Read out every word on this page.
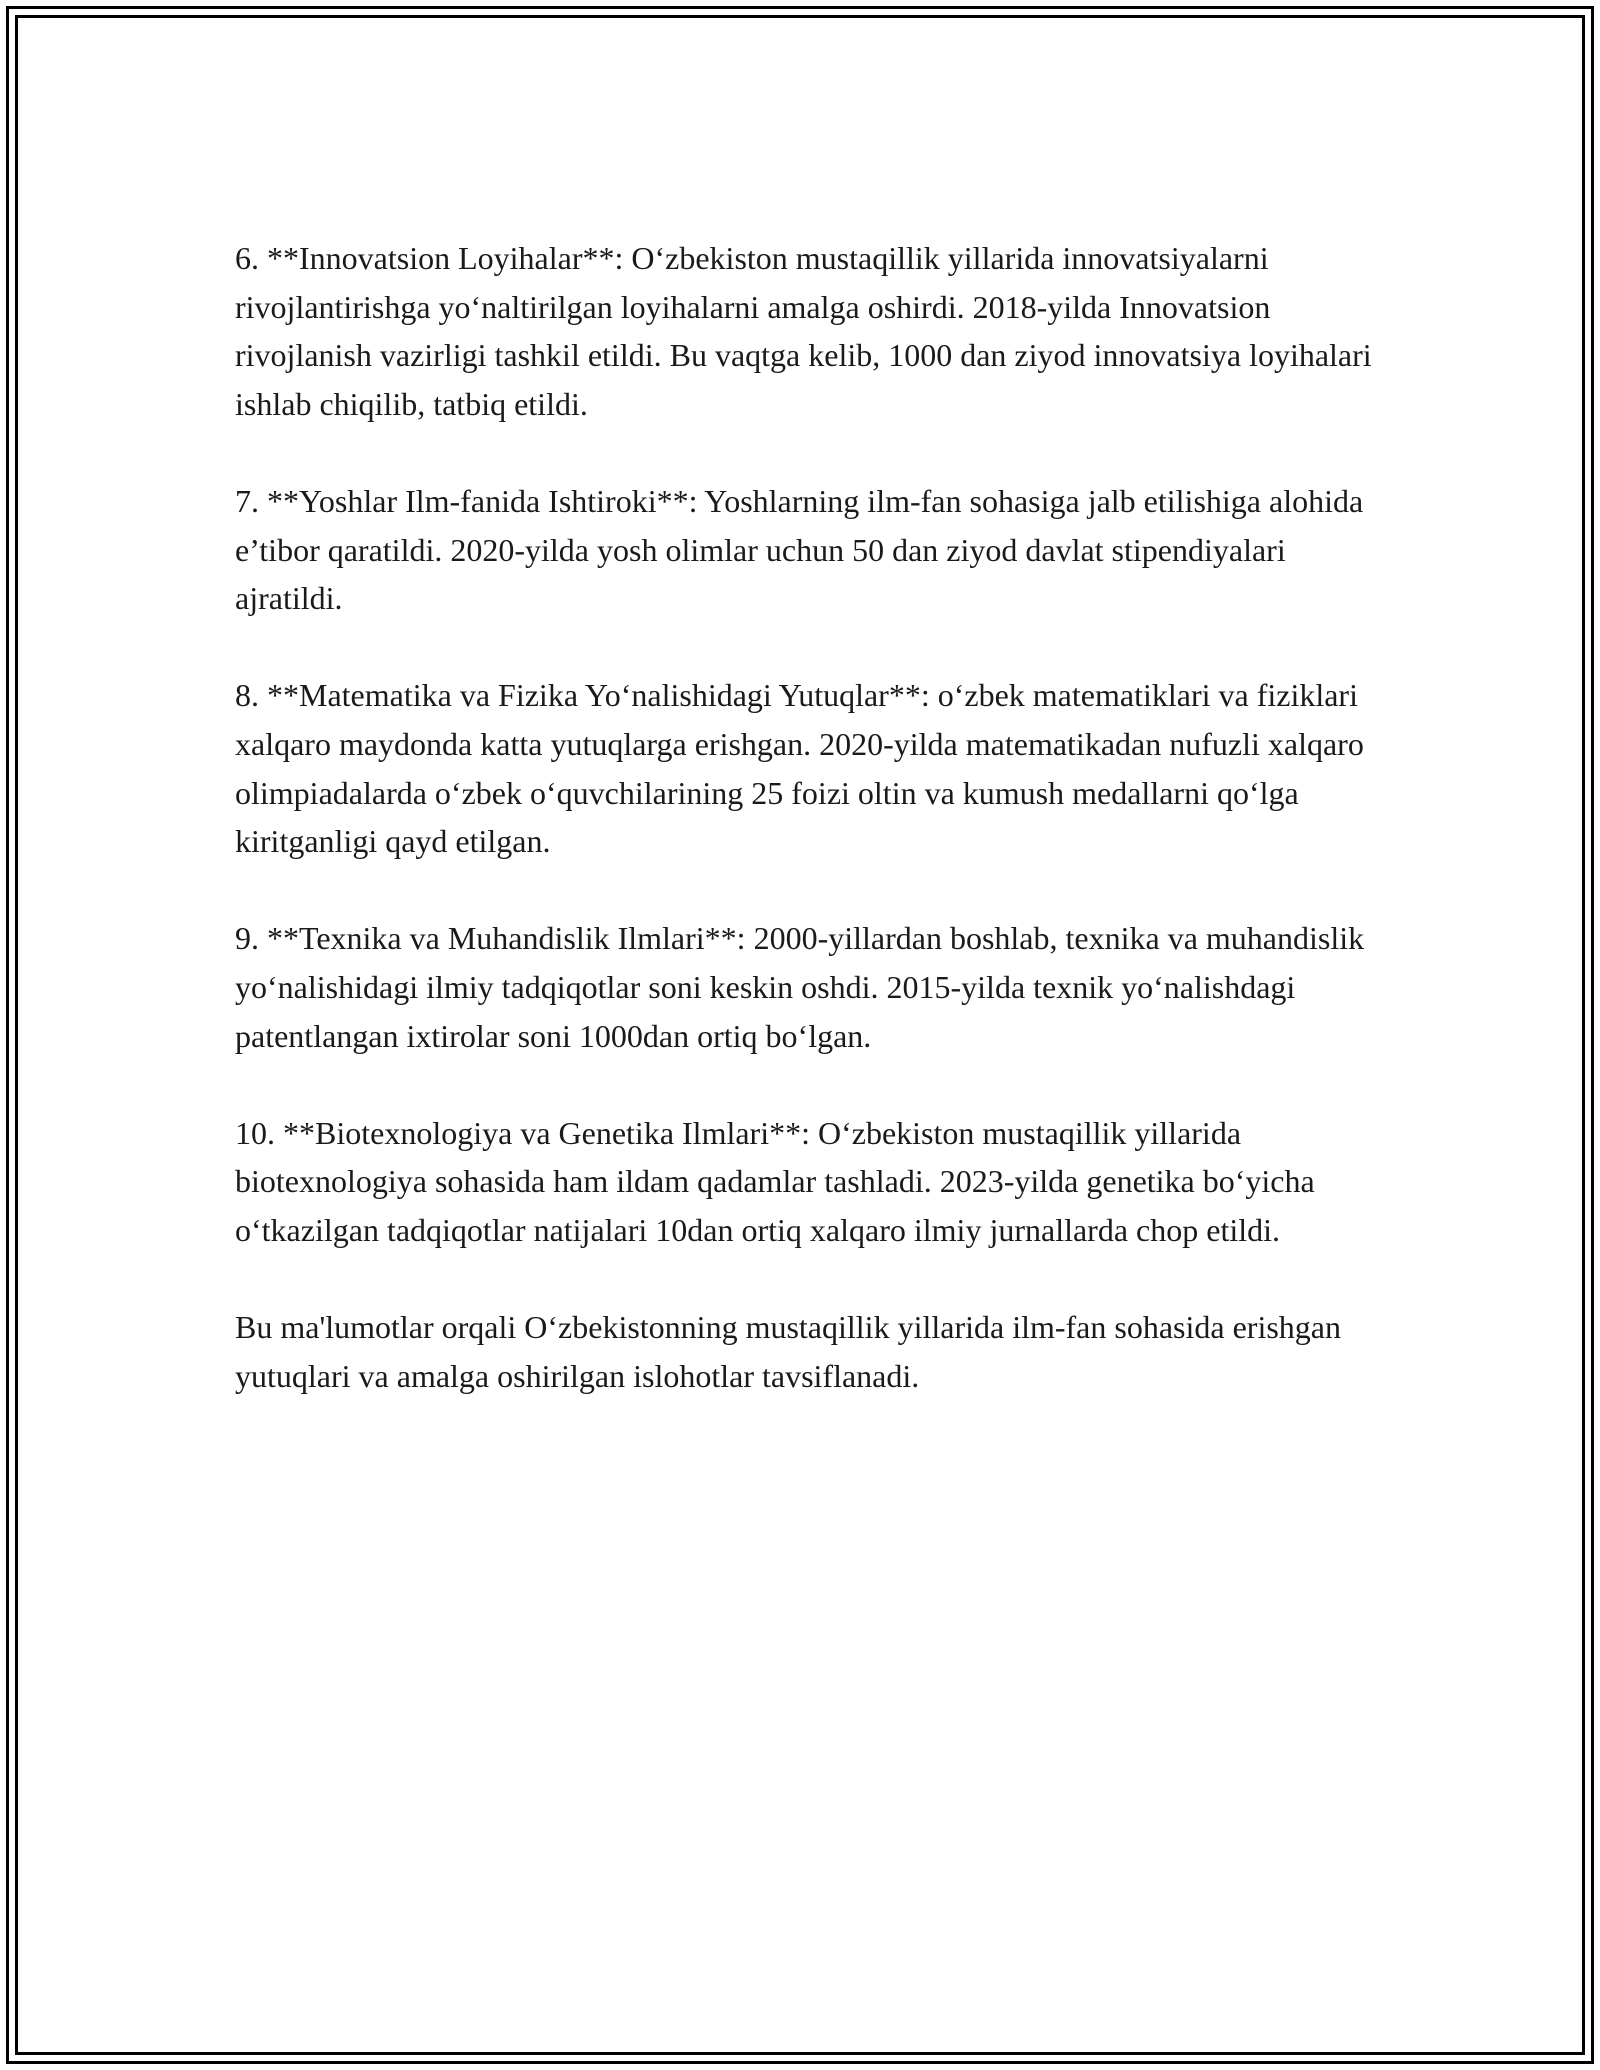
6. **Innovatsion Loyihalar**: O‘zbekiston mustaqillik yillarida innovatsiyalarni rivojlantirishga yo‘naltirilgan loyihalarni amalga oshirdi. 2018-yilda Innovatsion rivojlanish vazirligi tashkil etildi. Bu vaqtga kelib, 1000 dan ziyod innovatsiya loyihalari ishlab chiqilib, tatbiq etildi.

7. **Yoshlar Ilm-fanida Ishtiroki**: Yoshlarning ilm-fan sohasiga jalb etilishiga alohida e’tibor qaratildi. 2020-yilda yosh olimlar uchun 50 dan ziyod davlat stipendiyalari ajratildi.

8. **Matematika va Fizika Yo‘nalishidagi Yutuqlar**: o‘zbek matematiklari va fiziklari xalqaro maydonda katta yutuqlarga erishgan. 2020-yilda matematikadan nufuzli xalqaro olimpiadalarda o‘zbek o‘quvchilarining 25 foizi oltin va kumush medallarni qo‘lga kiritganligi qayd etilgan.

9. **Texnika va Muhandislik Ilmlari**: 2000-yillardan boshlab, texnika va muhandislik yo‘nalishidagi ilmiy tadqiqotlar soni keskin oshdi. 2015-yilda texnik yo‘nalishdagi patentlangan ixtirolar soni 1000dan ortiq bo‘lgan.

10. **Biotexnologiya va Genetika Ilmlari**: O‘zbekiston mustaqillik yillarida biotexnologiya sohasida ham ildam qadamlar tashladi. 2023-yilda genetika bo‘yicha o‘tkazilgan tadqiqotlar natijalari 10dan ortiq xalqaro ilmiy jurnallarda chop etildi.

Bu ma'lumotlar orqali O‘zbekistonning mustaqillik yillarida ilm-fan sohasida erishgan yutuqlari va amalga oshirilgan islohotlar tavsiflanadi.
